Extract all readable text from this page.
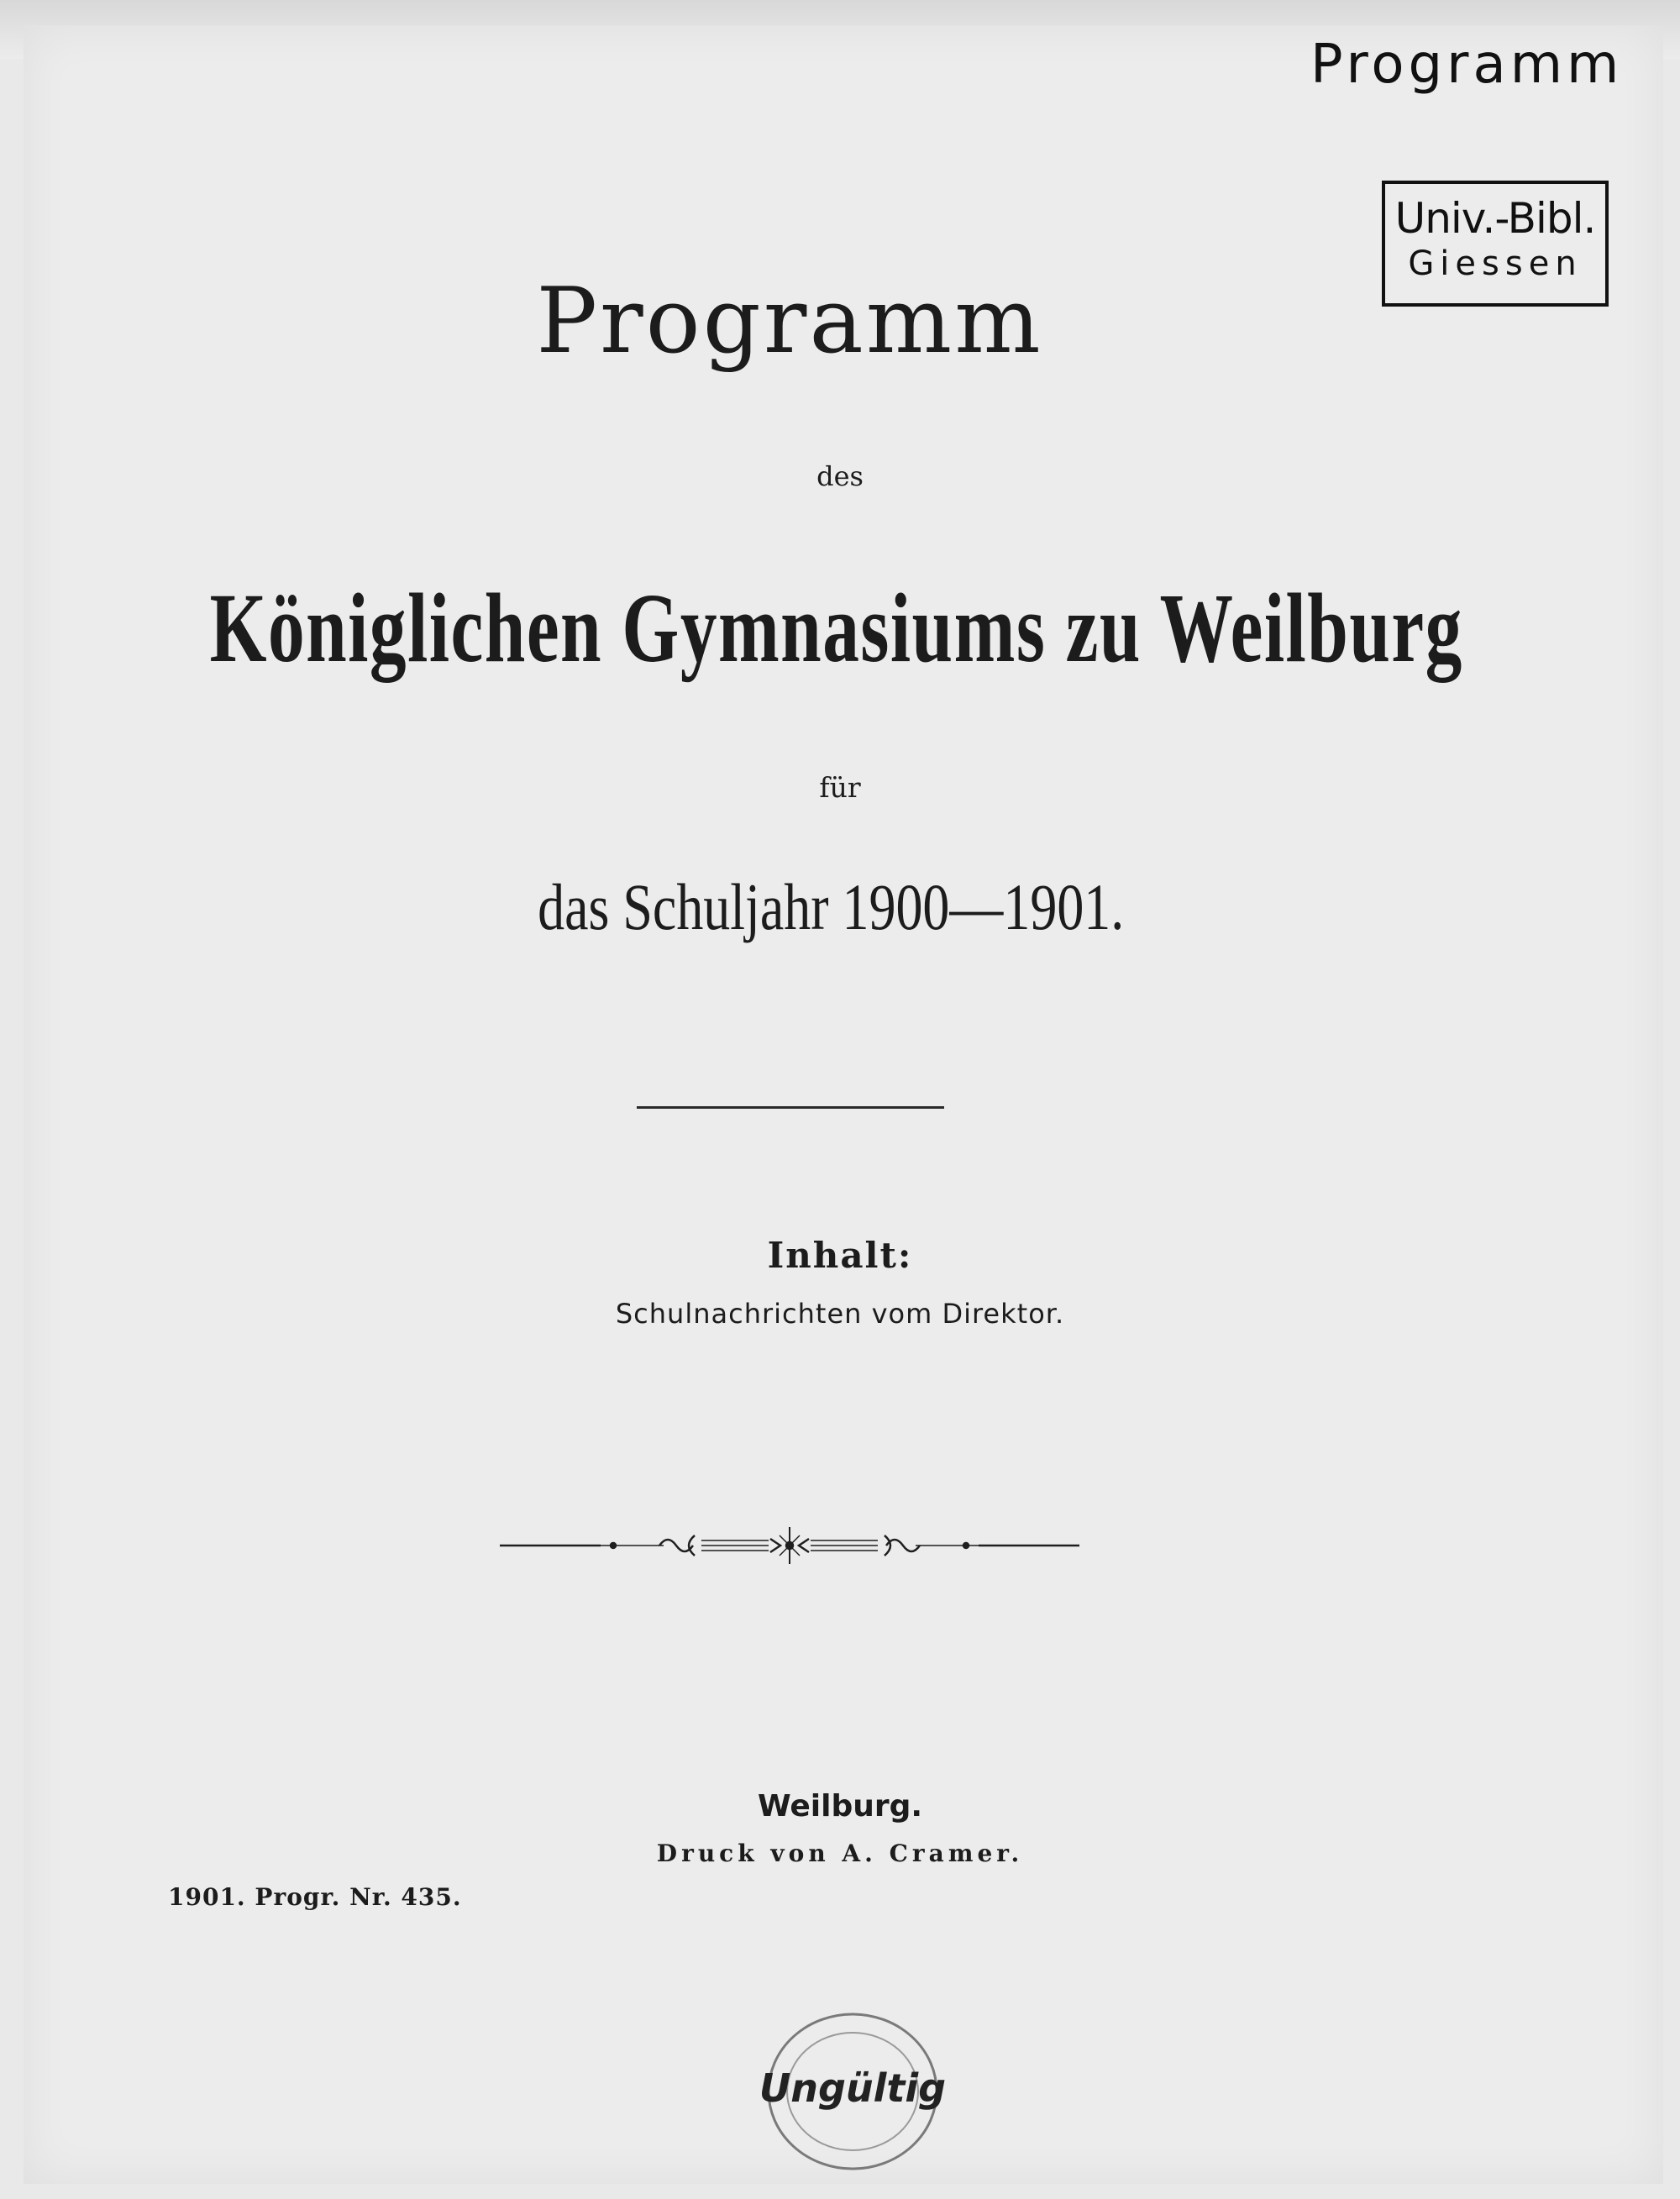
Programm
Univ.-Bibl.
Giessen
Programm
des
Königlichen Gymnasiums zu Weilburg
für
das Schuljahr 1900—1901.
Inhalt:
Schulnachrichten vom Direktor.
Weilburg.
Druck von A. Cramer.
1901. Progr. Nr. 435.
Ungültig
